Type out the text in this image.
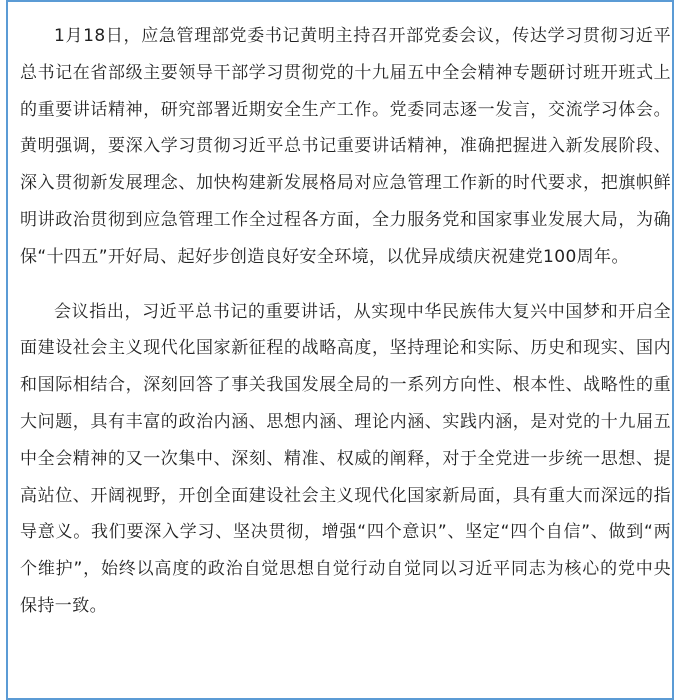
1月18日，应急管理部党委书记黄明主持召开部党委会议，传达学习贯彻习近平总书记在省部级主要领导干部学习贯彻党的十九届五中全会精神专题研讨班开班式上的重要讲话精神，研究部署近期安全生产工作。党委同志逐一发言，交流学习体会。黄明强调，要深入学习贯彻习近平总书记重要讲话精神，准确把握进入新发展阶段、深入贯彻新发展理念、加快构建新发展格局对应急管理工作新的时代要求，把旗帜鲜明讲政治贯彻到应急管理工作全过程各方面，全力服务党和国家事业发展大局，为确保“十四五”开好局、起好步创造良好安全环境，以优异成绩庆祝建党100周年。

会议指出，习近平总书记的重要讲话，从实现中华民族伟大复兴中国梦和开启全面建设社会主义现代化国家新征程的战略高度，坚持理论和实际、历史和现实、国内和国际相结合，深刻回答了事关我国发展全局的一系列方向性、根本性、战略性的重大问题，具有丰富的政治内涵、思想内涵、理论内涵、实践内涵，是对党的十九届五中全会精神的又一次集中、深刻、精准、权威的阐释，对于全党进一步统一思想、提高站位、开阔视野，开创全面建设社会主义现代化国家新局面，具有重大而深远的指导意义。我们要深入学习、坚决贯彻，增强“四个意识”、坚定“四个自信”、做到“两个维护”，始终以高度的政治自觉思想自觉行动自觉同以习近平同志为核心的党中央保持一致。
